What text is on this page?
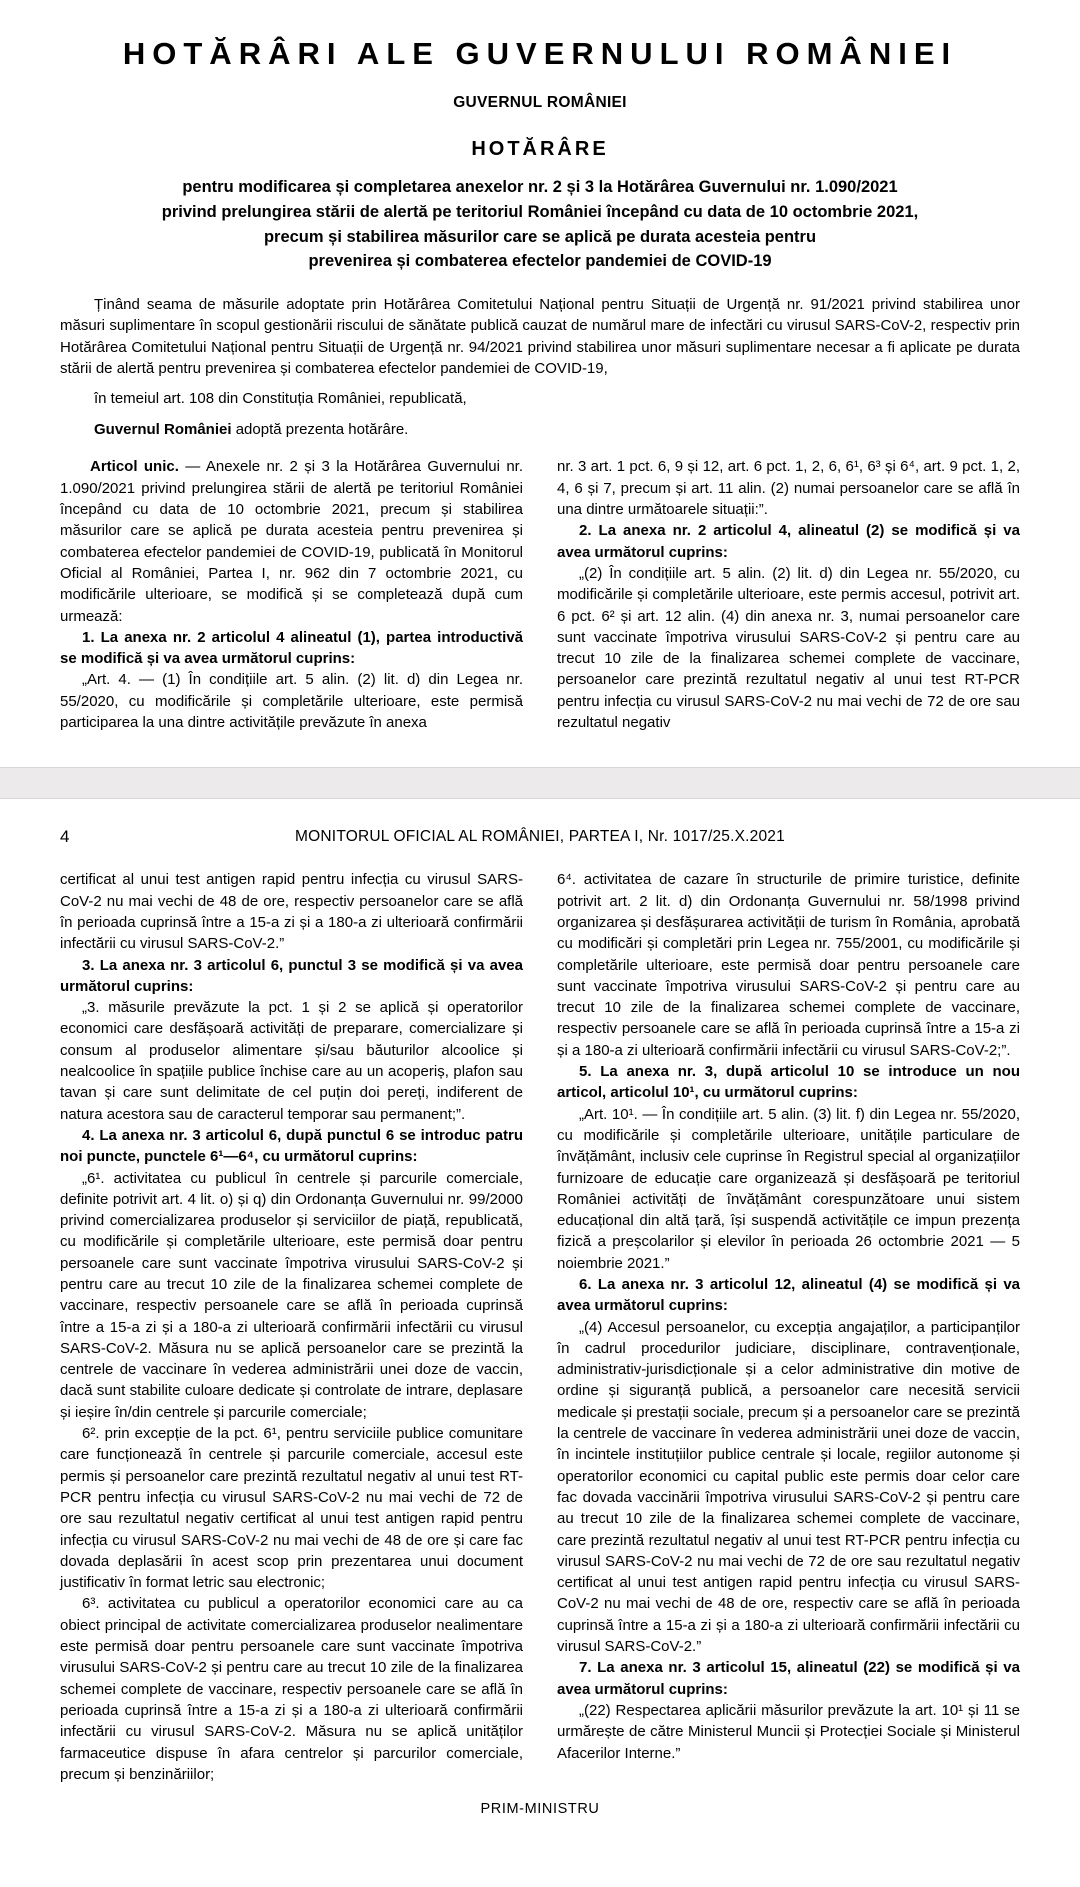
HOTĂRÂRI ALE GUVERNULUI ROMÂNIEI
GUVERNUL ROMÂNIEI
HOTĂRÂRE
pentru modificarea și completarea anexelor nr. 2 și 3 la Hotărârea Guvernului nr. 1.090/2021
privind prelungirea stării de alertă pe teritoriul României începând cu data de 10 octombrie 2021,
precum și stabilirea măsurilor care se aplică pe durata acesteia pentru
prevenirea și combaterea efectelor pandemiei de COVID-19

Ținând seama de măsurile adoptate prin Hotărârea Comitetului Național pentru Situații de Urgență nr. 91/2021 privind stabilirea unor măsuri suplimentare în scopul gestionării riscului de sănătate publică cauzat de numărul mare de infectări cu virusul SARS-CoV-2, respectiv prin Hotărârea Comitetului Național pentru Situații de Urgență nr. 94/2021 privind stabilirea unor măsuri suplimentare necesar a fi aplicate pe durata stării de alertă pentru prevenirea și combaterea efectelor pandemiei de COVID-19,

în temeiul art. 108 din Constituția României, republicată,

Guvernul României adoptă prezenta hotărâre.

Articol unic. — Anexele nr. 2 și 3 la Hotărârea Guvernului nr. 1.090/2021 privind prelungirea stării de alertă pe teritoriul României începând cu data de 10 octombrie 2021, precum și stabilirea măsurilor care se aplică pe durata acesteia pentru prevenirea și combaterea efectelor pandemiei de COVID-19, publicată în Monitorul Oficial al României, Partea I, nr. 962 din 7 octombrie 2021, cu modificările ulterioare, se modifică și se completează după cum urmează:

1. La anexa nr. 2 articolul 4 alineatul (1), partea introductivă se modifică și va avea următorul cuprins:

„Art. 4. — (1) În condițiile art. 5 alin. (2) lit. d) din Legea nr. 55/2020, cu modificările și completările ulterioare, este permisă participarea la una dintre activitățile prevăzute în anexa

nr. 3 art. 1 pct. 6, 9 și 12, art. 6 pct. 1, 2, 6, 6¹, 6³ și 6⁴, art. 9 pct. 1, 2, 4, 6 și 7, precum și art. 11 alin. (2) numai persoanelor care se află în una dintre următoarele situații:”.

2. La anexa nr. 2 articolul 4, alineatul (2) se modifică și va avea următorul cuprins:

„(2) În condițiile art. 5 alin. (2) lit. d) din Legea nr. 55/2020, cu modificările și completările ulterioare, este permis accesul, potrivit art. 6 pct. 6² și art. 12 alin. (4) din anexa nr. 3, numai persoanelor care sunt vaccinate împotriva virusului SARS-CoV-2 și pentru care au trecut 10 zile de la finalizarea schemei complete de vaccinare, persoanelor care prezintă rezultatul negativ al unui test RT-PCR pentru infecția cu virusul SARS-CoV-2 nu mai vechi de 72 de ore sau rezultatul negativ

4	MONITORUL OFICIAL AL ROMÂNIEI, PARTEA I, Nr. 1017/25.X.2021

certificat al unui test antigen rapid pentru infecția cu virusul SARS-CoV-2 nu mai vechi de 48 de ore, respectiv persoanelor care se află în perioada cuprinsă între a 15-a zi și a 180-a zi ulterioară confirmării infectării cu virusul SARS-CoV-2.”

3. La anexa nr. 3 articolul 6, punctul 3 se modifică și va avea următorul cuprins:

„3. măsurile prevăzute la pct. 1 și 2 se aplică și operatorilor economici care desfășoară activități de preparare, comercializare și consum al produselor alimentare și/sau băuturilor alcoolice și nealcoolice în spațiile publice închise care au un acoperiș, plafon sau tavan și care sunt delimitate de cel puțin doi pereți, indiferent de natura acestora sau de caracterul temporar sau permanent;”.

4. La anexa nr. 3 articolul 6, după punctul 6 se introduc patru noi puncte, punctele 6¹—6⁴, cu următorul cuprins:

„6¹. activitatea cu publicul în centrele și parcurile comerciale, definite potrivit art. 4 lit. o) și q) din Ordonanța Guvernului nr. 99/2000 privind comercializarea produselor și serviciilor de piață, republicată, cu modificările și completările ulterioare, este permisă doar pentru persoanele care sunt vaccinate împotriva virusului SARS-CoV-2 și pentru care au trecut 10 zile de la finalizarea schemei complete de vaccinare, respectiv persoanele care se află în perioada cuprinsă între a 15-a zi și a 180-a zi ulterioară confirmării infectării cu virusul SARS-CoV-2. Măsura nu se aplică persoanelor care se prezintă la centrele de vaccinare în vederea administrării unei doze de vaccin, dacă sunt stabilite culoare dedicate și controlate de intrare, deplasare și ieșire în/din centrele și parcurile comerciale;

6². prin excepție de la pct. 6¹, pentru serviciile publice comunitare care funcționează în centrele și parcurile comerciale, accesul este permis și persoanelor care prezintă rezultatul negativ al unui test RT-PCR pentru infecția cu virusul SARS-CoV-2 nu mai vechi de 72 de ore sau rezultatul negativ certificat al unui test antigen rapid pentru infecția cu virusul SARS-CoV-2 nu mai vechi de 48 de ore și care fac dovada deplasării în acest scop prin prezentarea unui document justificativ în format letric sau electronic;

6³. activitatea cu publicul a operatorilor economici care au ca obiect principal de activitate comercializarea produselor nealimentare este permisă doar pentru persoanele care sunt vaccinate împotriva virusului SARS-CoV-2 și pentru care au trecut 10 zile de la finalizarea schemei complete de vaccinare, respectiv persoanele care se află în perioada cuprinsă între a 15-a zi și a 180-a zi ulterioară confirmării infectării cu virusul SARS-CoV-2. Măsura nu se aplică unităților farmaceutice dispuse în afara centrelor și parcurilor comerciale, precum și benzinăriilor;

6⁴. activitatea de cazare în structurile de primire turistice, definite potrivit art. 2 lit. d) din Ordonanța Guvernului nr. 58/1998 privind organizarea și desfășurarea activității de turism în România, aprobată cu modificări și completări prin Legea nr. 755/2001, cu modificările și completările ulterioare, este permisă doar pentru persoanele care sunt vaccinate împotriva virusului SARS-CoV-2 și pentru care au trecut 10 zile de la finalizarea schemei complete de vaccinare, respectiv persoanele care se află în perioada cuprinsă între a 15-a zi și a 180-a zi ulterioară confirmării infectării cu virusul SARS-CoV-2;”.

5. La anexa nr. 3, după articolul 10 se introduce un nou articol, articolul 10¹, cu următorul cuprins:

„Art. 10¹. — În condițiile art. 5 alin. (3) lit. f) din Legea nr. 55/2020, cu modificările și completările ulterioare, unitățile particulare de învățământ, inclusiv cele cuprinse în Registrul special al organizațiilor furnizoare de educație care organizează și desfășoară pe teritoriul României activități de învățământ corespunzătoare unui sistem educațional din altă țară, își suspendă activitățile ce impun prezența fizică a preșcolarilor și elevilor în perioada 26 octombrie 2021 — 5 noiembrie 2021.”

6. La anexa nr. 3 articolul 12, alineatul (4) se modifică și va avea următorul cuprins:

„(4) Accesul persoanelor, cu excepția angajaților, a participanților în cadrul procedurilor judiciare, disciplinare, contravenționale, administrativ-jurisdicționale și a celor administrative din motive de ordine și siguranță publică, a persoanelor care necesită servicii medicale și prestații sociale, precum și a persoanelor care se prezintă la centrele de vaccinare în vederea administrării unei doze de vaccin, în incintele instituțiilor publice centrale și locale, regiilor autonome și operatorilor economici cu capital public este permis doar celor care fac dovada vaccinării împotriva virusului SARS-CoV-2 și pentru care au trecut 10 zile de la finalizarea schemei complete de vaccinare, care prezintă rezultatul negativ al unui test RT-PCR pentru infecția cu virusul SARS-CoV-2 nu mai vechi de 72 de ore sau rezultatul negativ certificat al unui test antigen rapid pentru infecția cu virusul SARS-CoV-2 nu mai vechi de 48 de ore, respectiv care se află în perioada cuprinsă între a 15-a zi și a 180-a zi ulterioară confirmării infectării cu virusul SARS-CoV-2.”

7. La anexa nr. 3 articolul 15, alineatul (22) se modifică și va avea următorul cuprins:

„(22) Respectarea aplicării măsurilor prevăzute la art. 10¹ și 11 se urmărește de către Ministerul Muncii și Protecției Sociale și Ministerul Afacerilor Interne.”

PRIM-MINISTRU
